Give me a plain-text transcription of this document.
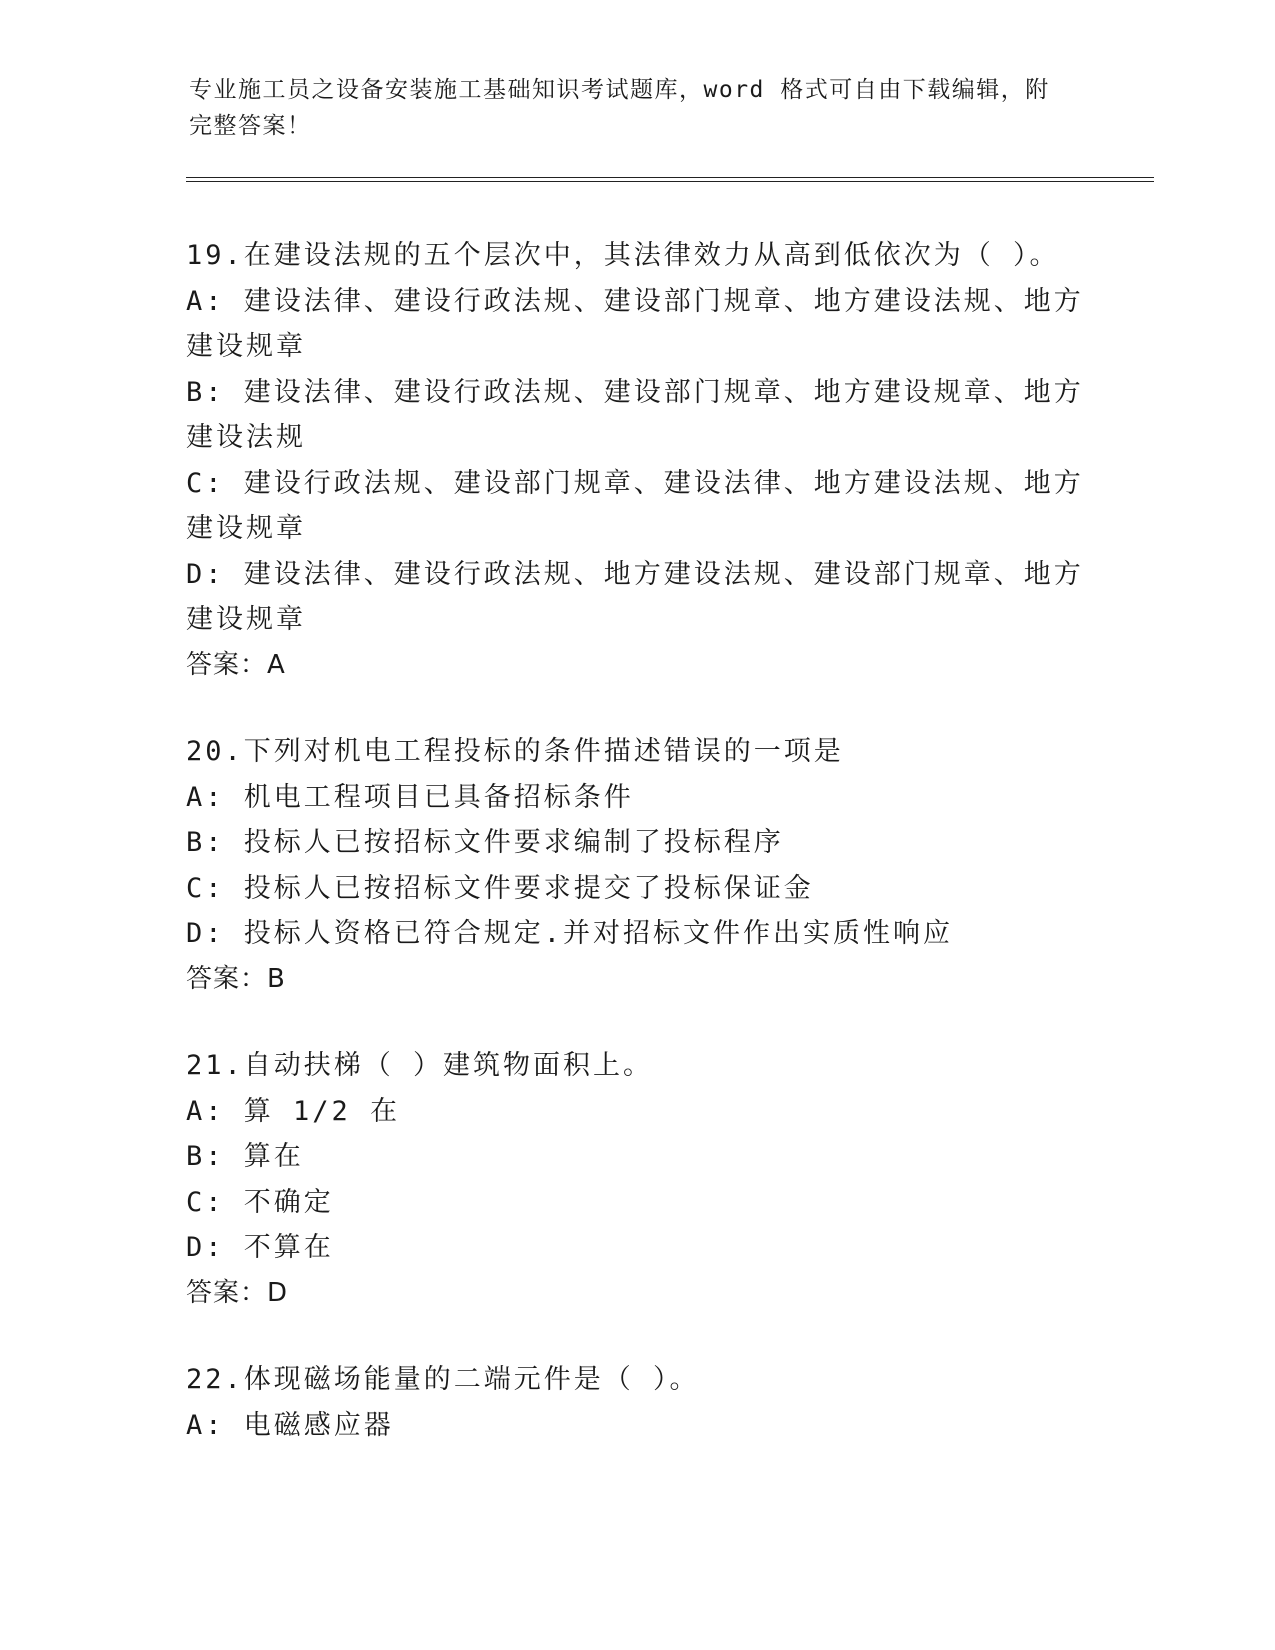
专业施工员之设备安装施工基础知识考试题库，word 格式可自由下载编辑，附完整答案！
19.在建设法规的五个层次中，其法律效力从高到低依次为（ ）。
A: 建设法律、建设行政法规、建设部门规章、地方建设法规、地方建设规章
B: 建设法律、建设行政法规、建设部门规章、地方建设规章、地方建设法规
C: 建设行政法规、建设部门规章、建设法律、地方建设法规、地方建设规章
D: 建设法律、建设行政法规、地方建设法规、建设部门规章、地方建设规章
答案：A
20.下列对机电工程投标的条件描述错误的一项是
A: 机电工程项目已具备招标条件
B: 投标人已按招标文件要求编制了投标程序
C: 投标人已按招标文件要求提交了投标保证金
D: 投标人资格已符合规定.并对招标文件作出实质性响应
答案：B
21.自动扶梯（ ）建筑物面积上。
A: 算 1/2 在
B: 算在
C: 不确定
D: 不算在
答案：D
22.体现磁场能量的二端元件是（ ）。
A: 电磁感应器
